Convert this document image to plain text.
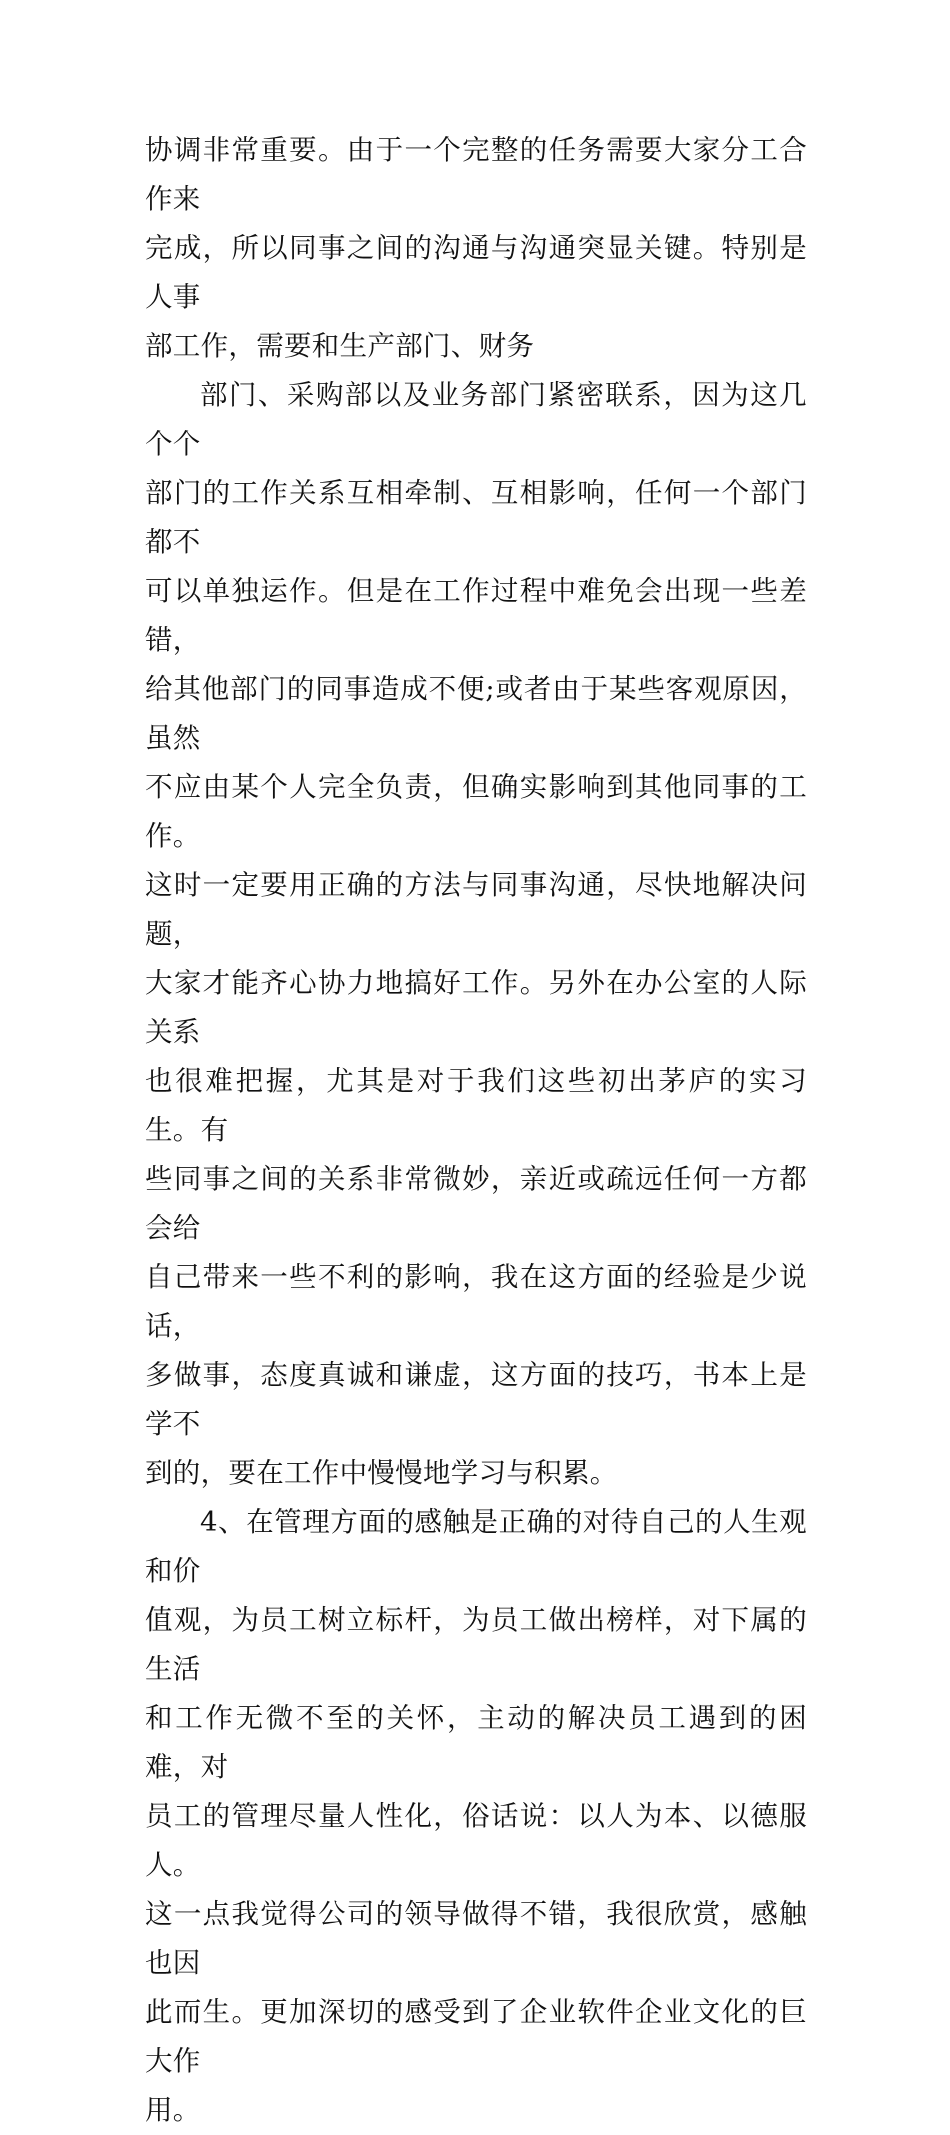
协调非常重要。由于一个完整的任务需要大家分工合作来
完成，所以同事之间的沟通与沟通突显关键。特别是人事
部工作，需要和生产部门、财务

部门、采购部以及业务部门紧密联系，因为这几个个
部门的工作关系互相牵制、互相影响，任何一个部门都不
可以单独运作。但是在工作过程中难免会出现一些差错，
给其他部门的同事造成不便;或者由于某些客观原因，虽然
不应由某个人完全负责，但确实影响到其他同事的工作。
这时一定要用正确的方法与同事沟通，尽快地解决问题，
大家才能齐心协力地搞好工作。另外在办公室的人际关系
也很难把握，尤其是对于我们这些初出茅庐的实习生。有
些同事之间的关系非常微妙，亲近或疏远任何一方都会给
自己带来一些不利的影响，我在这方面的经验是少说话，
多做事，态度真诚和谦虚，这方面的技巧，书本上是学不
到的，要在工作中慢慢地学习与积累。

4、在管理方面的感触是正确的对待自己的人生观和价
值观，为员工树立标杆，为员工做出榜样，对下属的生活
和工作无微不至的关怀，主动的解决员工遇到的困难，对
员工的管理尽量人性化，俗话说：以人为本、以德服人。
这一点我觉得公司的领导做得不错，我很欣赏，感触也因
此而生。更加深切的感受到了企业软件企业文化的巨大作
用。
